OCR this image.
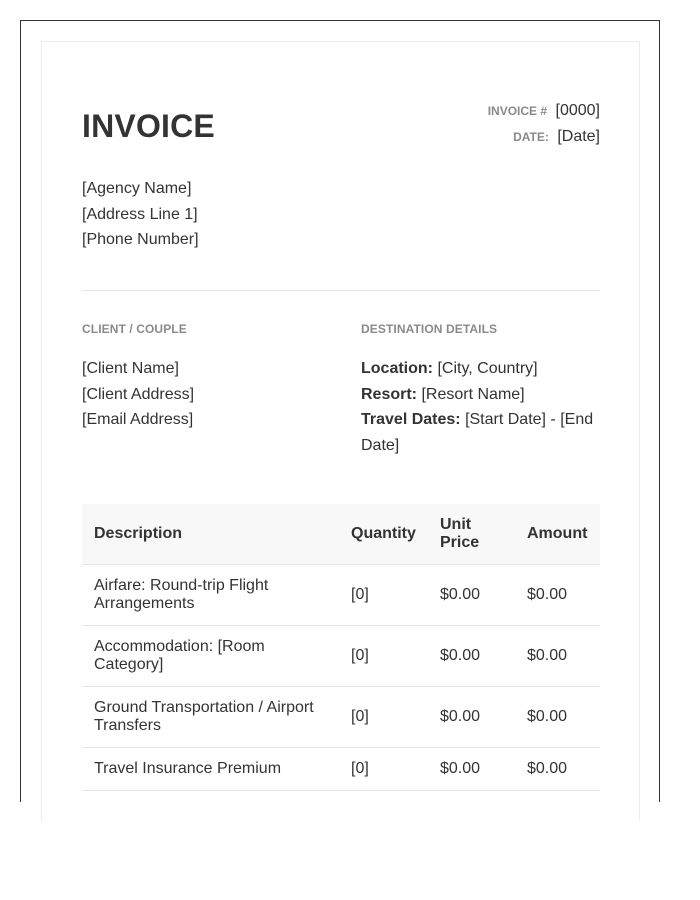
INVOICE	INVOICE # [0000]
DATE: [Date]
[Agency Name]
[Address Line 1]
[Phone Number]
CLIENT / COUPLE	DESTINATION DETAILS
[Client Name]
[Client Address]
[Email Address]
Location: [City, Country]
Resort: [Resort Name]
Travel Dates: [Start Date] - [End Date]
Description	Quantity	Unit Price	Amount
Airfare: Round-trip Flight Arrangements	[0]	$0.00	$0.00
Accommodation: [Room Category]	[0]	$0.00	$0.00
Ground Transportation / Airport Transfers	[0]	$0.00	$0.00
Travel Insurance Premium	[0]	$0.00	$0.00
